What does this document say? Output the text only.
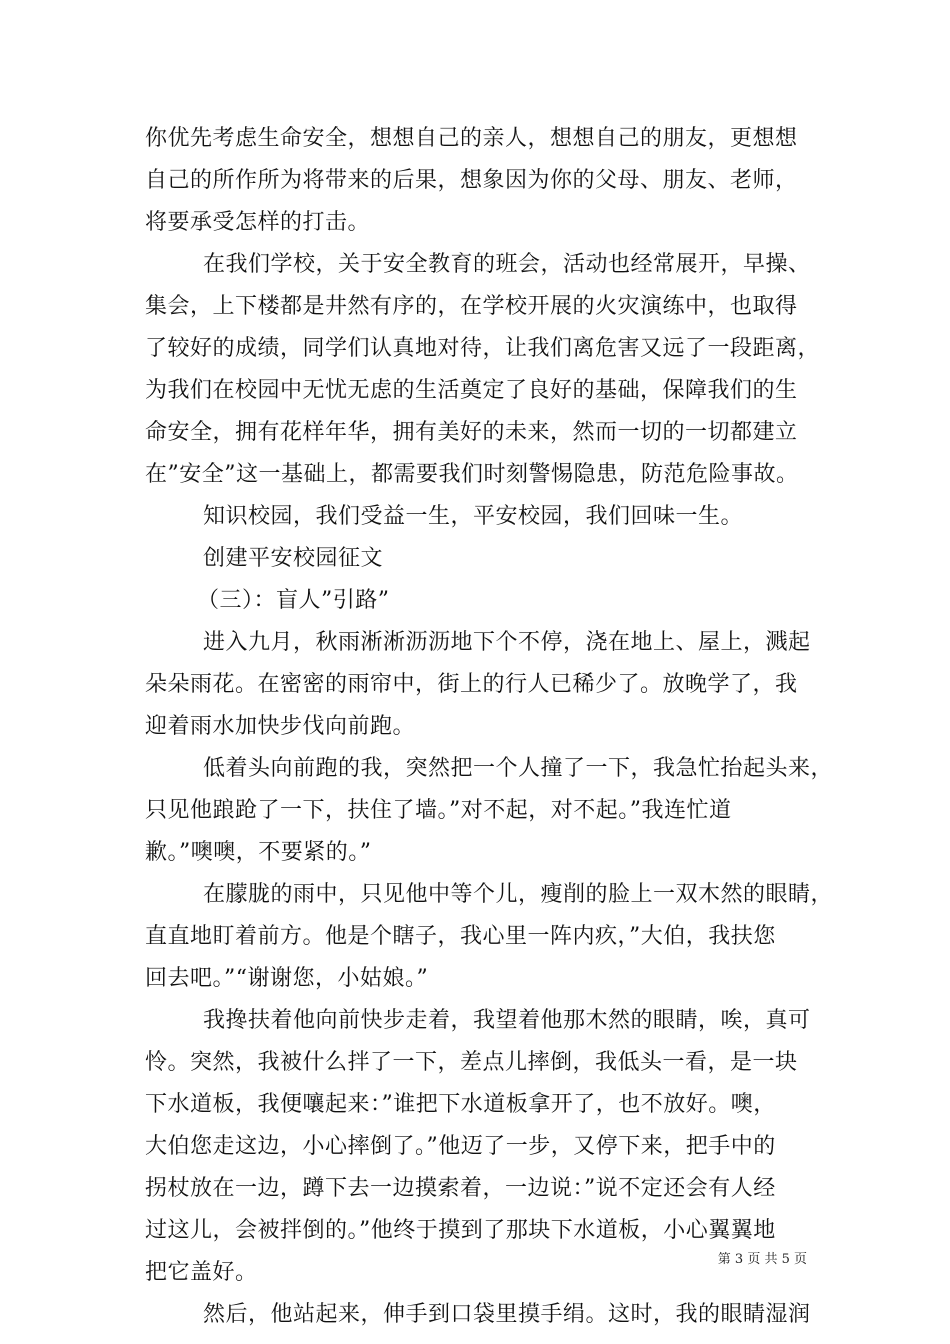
你优先考虑生命安全，想想自己的亲人，想想自己的朋友，更想想
自己的所作所为将带来的后果，想象因为你的父母、朋友、老师，
将要承受怎样的打击。
在我们学校，关于安全教育的班会，活动也经常展开，早操、
集会，上下楼都是井然有序的，在学校开展的火灾演练中，也取得
了较好的成绩，同学们认真地对待，让我们离危害又远了一段距离，
为我们在校园中无忧无虑的生活奠定了良好的基础，保障我们的生
命安全，拥有花样年华，拥有美好的未来，然而一切的一切都建立
在”安全”这一基础上，都需要我们时刻警惕隐患，防范危险事故。
知识校园，我们受益一生，平安校园，我们回味一生。
创建平安校园征文
（三）：盲人”引路”
进入九月，秋雨淅淅沥沥地下个不停，浇在地上、屋上，溅起
朵朵雨花。在密密的雨帘中，街上的行人已稀少了。放晚学了，我
迎着雨水加快步伐向前跑。
低着头向前跑的我，突然把一个人撞了一下，我急忙抬起头来，
只见他踉跄了一下，扶住了墙。”对不起，对不起。”我连忙道
歉。”噢噢，不要紧的。”
在朦胧的雨中，只见他中等个儿，瘦削的脸上一双木然的眼睛，
直直地盯着前方。他是个瞎子，我心里一阵内疚，”大伯，我扶您
回去吧。”“谢谢您，小姑娘。”
我搀扶着他向前快步走着，我望着他那木然的眼睛，唉，真可
怜。突然，我被什么拌了一下，差点儿摔倒，我低头一看，是一块
下水道板，我便嚷起来：”谁把下水道板拿开了，也不放好。噢，
大伯您走这边，小心摔倒了。”他迈了一步，又停下来，把手中的
拐杖放在一边，蹲下去一边摸索着，一边说：”说不定还会有人经
过这儿，会被拌倒的。”他终于摸到了那块下水道板，小心翼翼地
把它盖好。
然后，他站起来，伸手到口袋里摸手绢。这时，我的眼睛湿润
第 3 页 共 5 页
